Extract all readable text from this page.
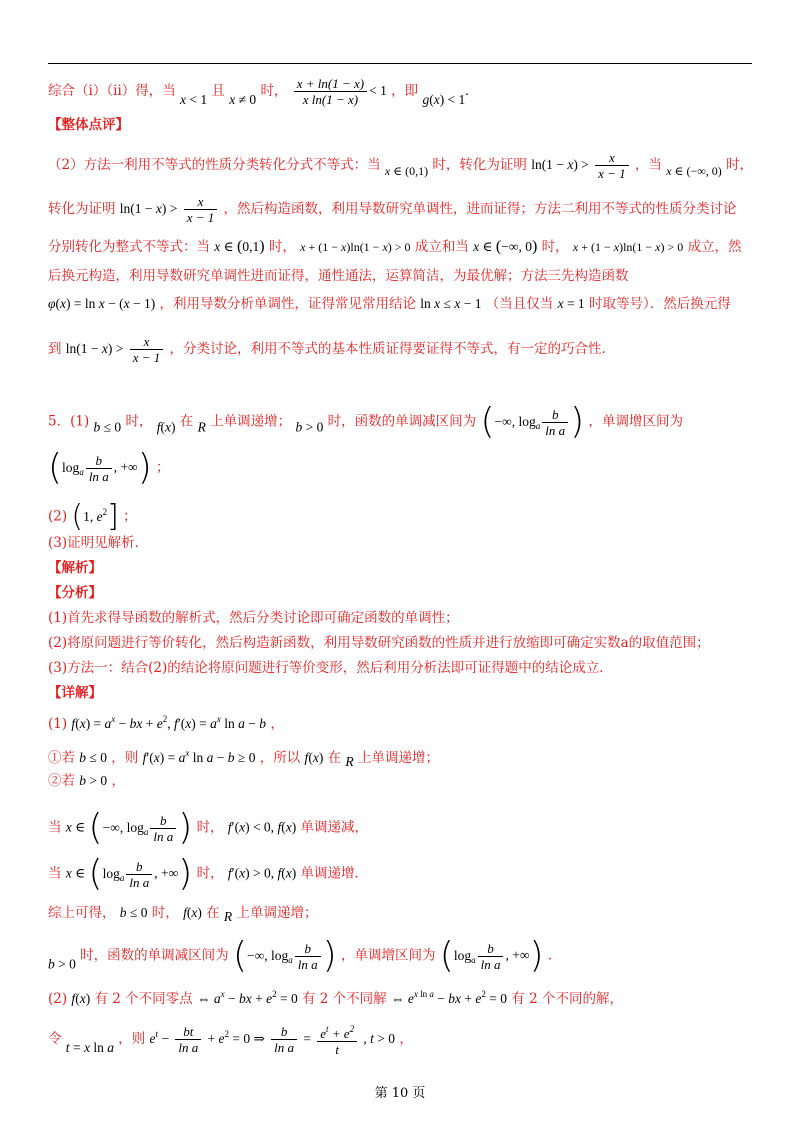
综合（ⅰ）（ⅱ）得，当 x < 1 且 x ≠ 0 时， $\frac{x + \ln(1 - x)}{\text{x ln(1 − x)}} < 1$ ，即 g(x) < 1.
【整体点评】
（2）方法一利用不等式的性质分类转化分式不等式：当 x ∈ (0,1) 时，转化为证明 $\ln(1 - x) > \frac{x}{x - 1}$ ，当 x ∈ (−∞, 0) 时，
转化为证明 $\ln(1 - x) > \frac{x}{x - 1}$ ，然后构造函数，利用导数研究单调性，进而证得；方法二利用不等式的性质分类讨论
分别转化为整式不等式：当 x ∈ (0,1) 时， x + (1 − x)ln(1 − x) > 0 成立和当 x ∈ (−∞, 0) 时， x + (1 − x)ln(1 − x) > 0 成立，然
后换元构造，利用导数研究单调性进而证得，通性通法，运算简洁，为最优解；方法三先构造函数
φ(x) = ln x − (x − 1) ，利用导数分析单调性，证得常见常用结论 ln x ≤ x − 1 （当且仅当 x = 1 时取等号）．然后换元得
到 $\ln(1 - x) > \frac{x}{x - 1}$ ，分类讨论，利用不等式的基本性质证得要证得不等式，有一定的巧合性．
5．(1) b ≤ 0 时， f(x) 在 R 上单调递增； b > 0 时，函数的单调减区间为 (−∞, $\log_a \frac{b}{\text{ln a}}$ ) ，单调增区间为
($\log_a \frac{b}{\text{ln a}}$ , +∞) ；
(2) (1, $e^2$] ；
(3)证明见解析．
【解析】
【分析】
(1)首先求得导函数的解析式，然后分类讨论即可确定函数的单调性；
(2)将原问题进行等价转化，然后构造新函数，利用导数研究函数的性质并进行放缩即可确定实数a的取值范围；
(3)方法一：结合(2)的结论将原问题进行等价变形，然后利用分析法即可证得题中的结论成立．
【详解】
(1) $f(x) = a^x$ − bx + $e^2$, $f'(x) = a^x$ ln a − b ，
①若 b ≤ 0 ，则 $f'(x) = a^x$ ln a − b ≥ 0 ，所以 f(x) 在 R 上单调递增；
②若 b > 0 ，
当 x ∈ (−∞, $\log_a \frac{b}{\text{ln a}}$ ) 时， f′(x) < 0, f(x) 单调递减，
当 x ∈ ($\log_a \frac{b}{\text{ln a}}$ , +∞) 时， f′(x) > 0, f(x) 单调递增．
综上可得， b ≤ 0 时， f(x) 在 R 上单调递增；
b > 0 时，函数的单调减区间为 (−∞, $\log_a \frac{b}{\text{ln a}}$ ) ，单调增区间为 ($\log_a \frac{b}{\text{ln a}}$ , +∞) ．
(2) f(x) 有 2 个不同零点 ⇔ $a^x$ − bx + $e^2 = 0$ 有 2 个不同解 ⇔ $e^{x ln a}$ − bx + $e^2 = 0$ 有 2 个不同的解，
令 t = x ln a ，则 $e^t - \frac{bt}{\text{ln a}} + e^2 = 0$ ⇒ $\frac{b}{\text{ln a}} = \frac{e^t + e^2}{t}$ , t > 0 ，
第 10 页
